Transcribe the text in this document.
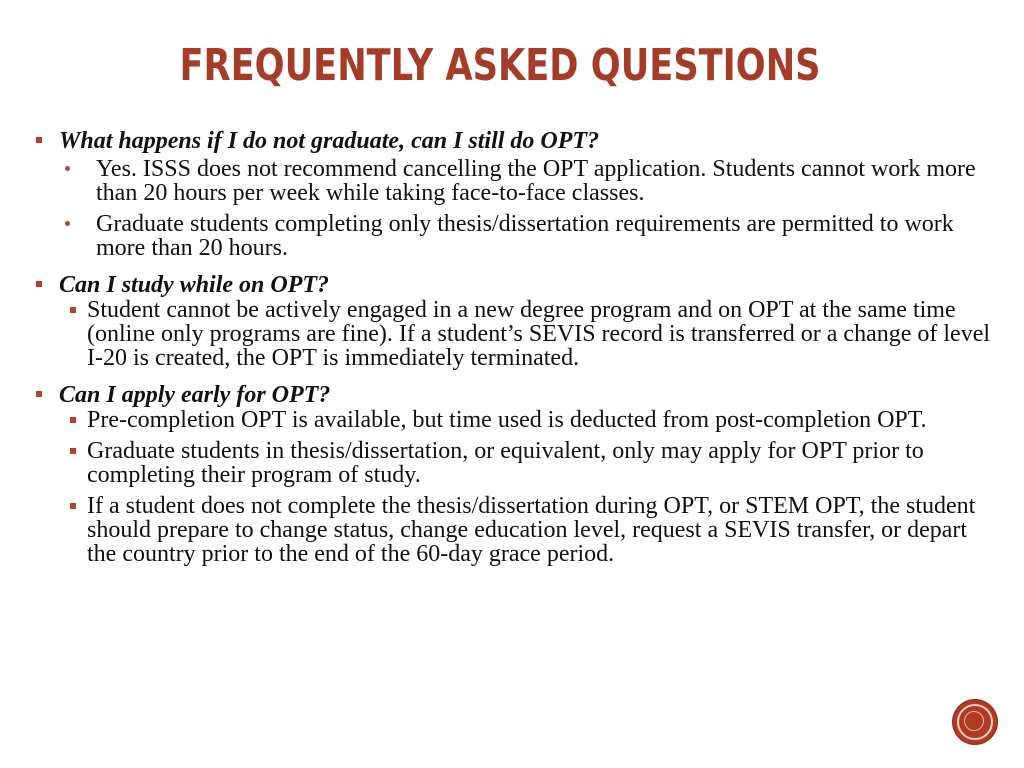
FREQUENTLY ASKED QUESTIONS
What happens if I do not graduate, can I still do OPT?
Yes. ISSS does not recommend cancelling the OPT application. Students cannot work more than 20 hours per week while taking face-to-face classes.
Graduate students completing only thesis/dissertation requirements are permitted to work more than 20 hours.
Can I study while on OPT?
Student cannot be actively engaged in a new degree program and on OPT at the same time (online only programs are fine). If a student’s SEVIS record is transferred or a change of level I-20 is created, the OPT is immediately terminated.
Can I apply early for OPT?
Pre-completion OPT is available, but time used is deducted from post-completion OPT.
Graduate students in thesis/dissertation, or equivalent, only may apply for OPT prior to completing their program of study.
If a student does not complete the thesis/dissertation during OPT, or STEM OPT, the student should prepare to change status, change education level, request a SEVIS transfer, or depart the country prior to the end of the 60-day grace period.
